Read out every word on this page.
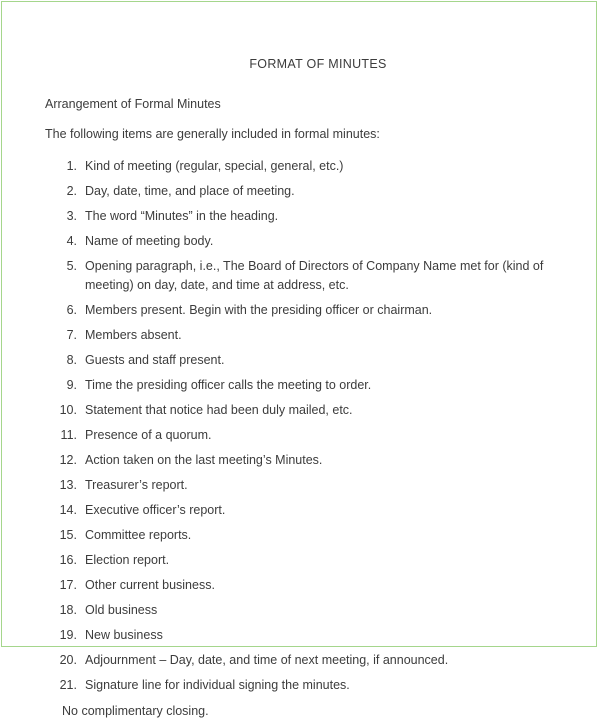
FORMAT OF MINUTES

Arrangement of Formal Minutes

The following items are generally included in formal minutes:

1. Kind of meeting (regular, special, general, etc.)
2. Day, date, time, and place of meeting.
3. The word “Minutes” in the heading.
4. Name of meeting body.
5. Opening paragraph, i.e., The Board of Directors of Company Name met for (kind of meeting) on day, date, and time at address, etc.
6. Members present. Begin with the presiding officer or chairman.
7. Members absent.
8. Guests and staff present.
9. Time the presiding officer calls the meeting to order.
10. Statement that notice had been duly mailed, etc.
11. Presence of a quorum.
12. Action taken on the last meeting’s Minutes.
13. Treasurer’s report.
14. Executive officer’s report.
15. Committee reports.
16. Election report.
17. Other current business.
18. Old business
19. New business
20. Adjournment – Day, date, and time of next meeting, if announced.
21. Signature line for individual signing the minutes.

No complimentary closing.
